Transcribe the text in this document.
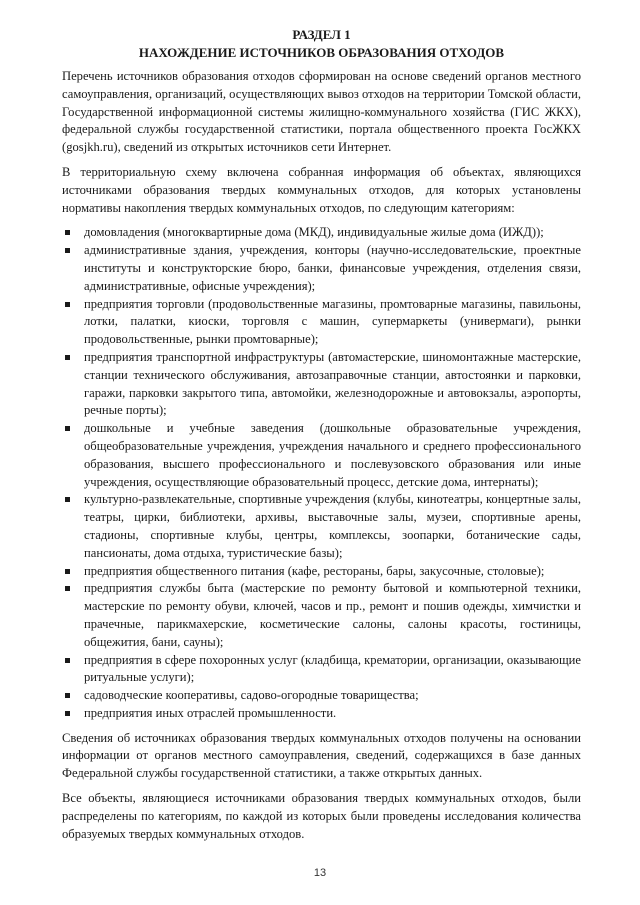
РАЗДЕЛ 1

НАХОЖДЕНИЕ ИСТОЧНИКОВ ОБРАЗОВАНИЯ ОТХОДОВ

Перечень источников образования отходов сформирован на основе сведений органов местного самоуправления, организаций, осуществляющих вывоз отходов на территории Томской области, Государственной информационной системы жилищно-коммунального хозяйства (ГИС ЖКХ), федеральной службы государственной статистики, портала общественного проекта ГосЖКХ (gosjkh.ru), сведений из открытых источников сети Интернет.

В территориальную схему включена собранная информация об объектах, являющихся источниками образования твердых коммунальных отходов, для которых установлены нормативы накопления твердых коммунальных отходов, по следующим категориям:

домовладения (многоквартирные дома (МКД), индивидуальные жилые дома (ИЖД));
административные здания, учреждения, конторы (научно-исследовательские, проектные институты и конструкторские бюро, банки, финансовые учреждения, отделения связи, административные, офисные учреждения);
предприятия торговли (продовольственные магазины, промтоварные магазины, павильоны, лотки, палатки, киоски, торговля с машин, супермаркеты (универмаги), рынки продовольственные, рынки промтоварные);
предприятия транспортной инфраструктуры (автомастерские, шиномонтажные мастерские, станции технического обслуживания, автозаправочные станции, автостоянки и парковки, гаражи, парковки закрытого типа, автомойки, железнодорожные и автовокзалы, аэропорты, речные порты);
дошкольные и учебные заведения (дошкольные образовательные учреждения, общеобразовательные учреждения, учреждения начального и среднего профессионального образования, высшего профессионального и послевузовского образования или иные учреждения, осуществляющие образовательный процесс, детские дома, интернаты);
культурно-развлекательные, спортивные учреждения (клубы, кинотеатры, концертные залы, театры, цирки, библиотеки, архивы, выставочные залы, музеи, спортивные арены, стадионы, спортивные клубы, центры, комплексы, зоопарки, ботанические сады, пансионаты, дома отдыха, туристические базы);
предприятия общественного питания (кафе, рестораны, бары, закусочные, столовые);
предприятия службы быта (мастерские по ремонту бытовой и компьютерной техники, мастерские по ремонту обуви, ключей, часов и пр., ремонт и пошив одежды, химчистки и прачечные, парикмахерские, косметические салоны, салоны красоты, гостиницы, общежития, бани, сауны);
предприятия в сфере похоронных услуг (кладбища, крематории, организации, оказывающие ритуальные услуги);
садоводческие кооперативы, садово-огородные товарищества;
предприятия иных отраслей промышленности.

Сведения об источниках образования твердых коммунальных отходов получены на основании информации от органов местного самоуправления, сведений, содержащихся в базе данных Федеральной службы государственной статистики, а также открытых данных.

Все объекты, являющиеся источниками образования твердых коммунальных отходов, были распределены по категориям, по каждой из которых были проведены исследования количества образуемых твердых коммунальных отходов.

13
